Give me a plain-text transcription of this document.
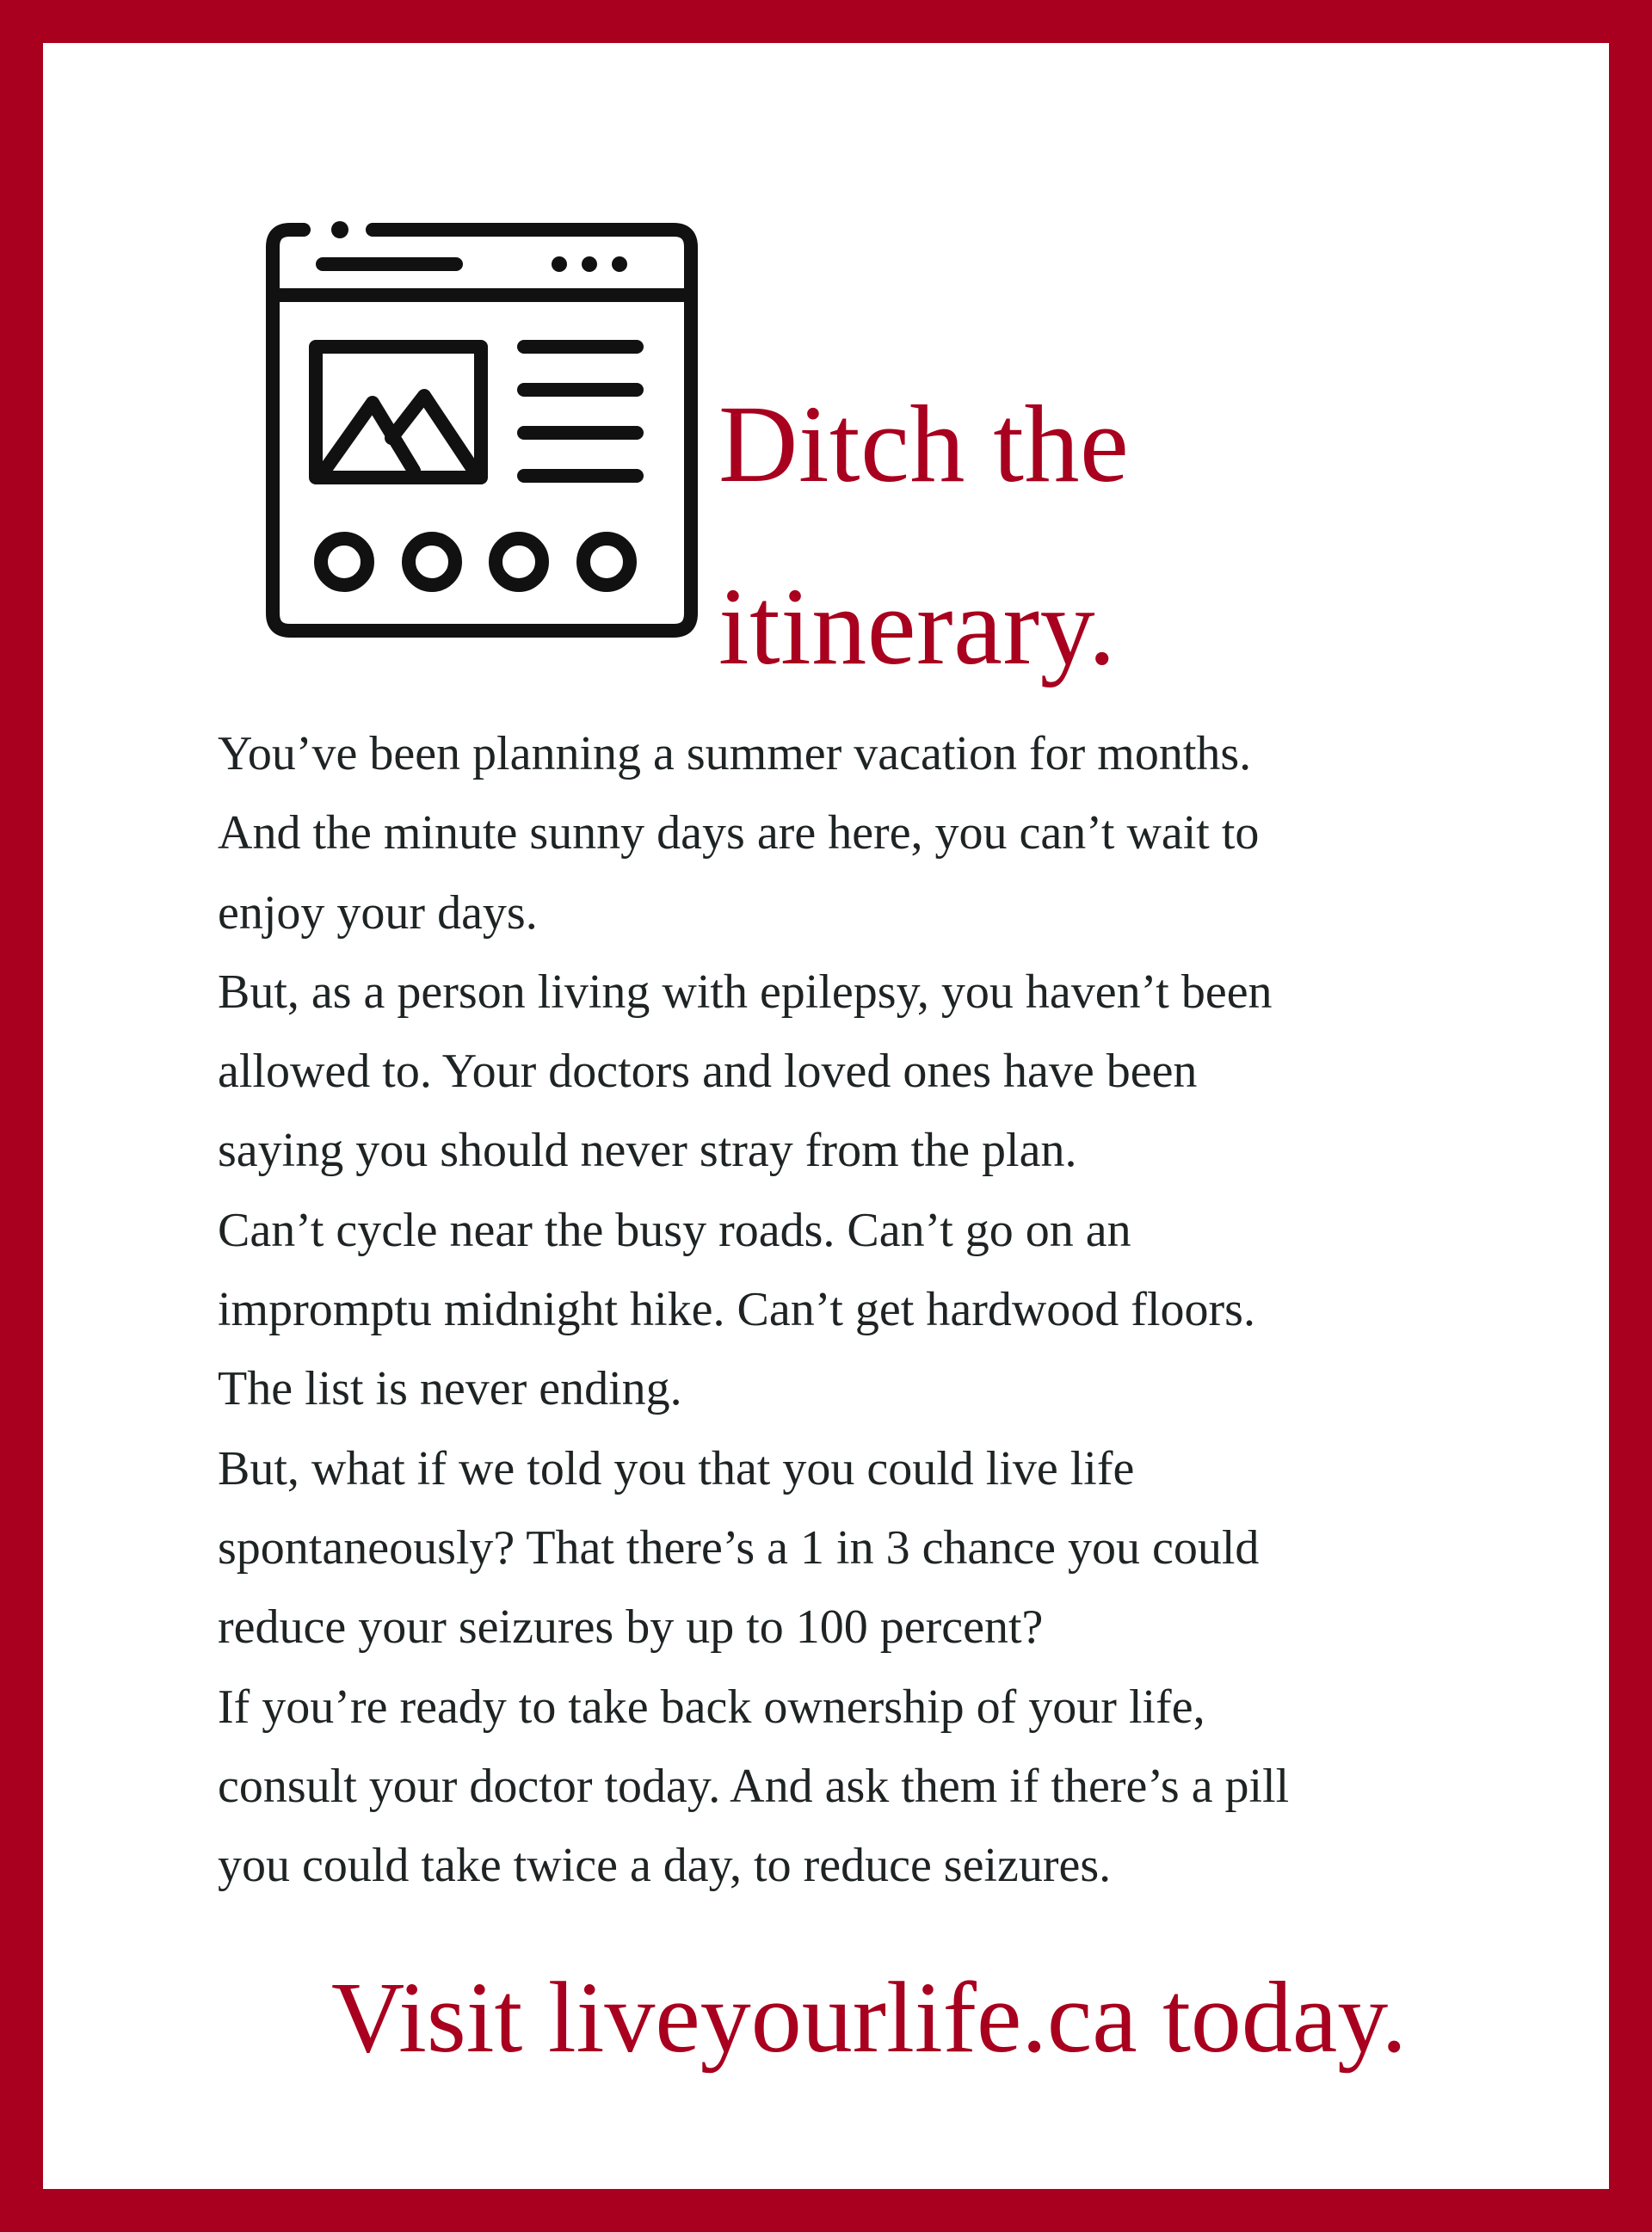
Ditch the
itinerary.
You’ve been planning a summer vacation for months.
And the minute sunny days are here, you can’t wait to
enjoy your days.
But, as a person living with epilepsy, you haven’t been
allowed to. Your doctors and loved ones have been
saying you should never stray from the plan.
Can’t cycle near the busy roads. Can’t go on an
impromptu midnight hike. Can’t get hardwood floors.
The list is never ending.
But, what if we told you that you could live life
spontaneously? That there’s a 1 in 3 chance you could
reduce your seizures by up to 100 percent?
If you’re ready to take back ownership of your life,
consult your doctor today. And ask them if there’s a pill
you could take twice a day, to reduce seizures.

Visit liveyourlife.ca today.
